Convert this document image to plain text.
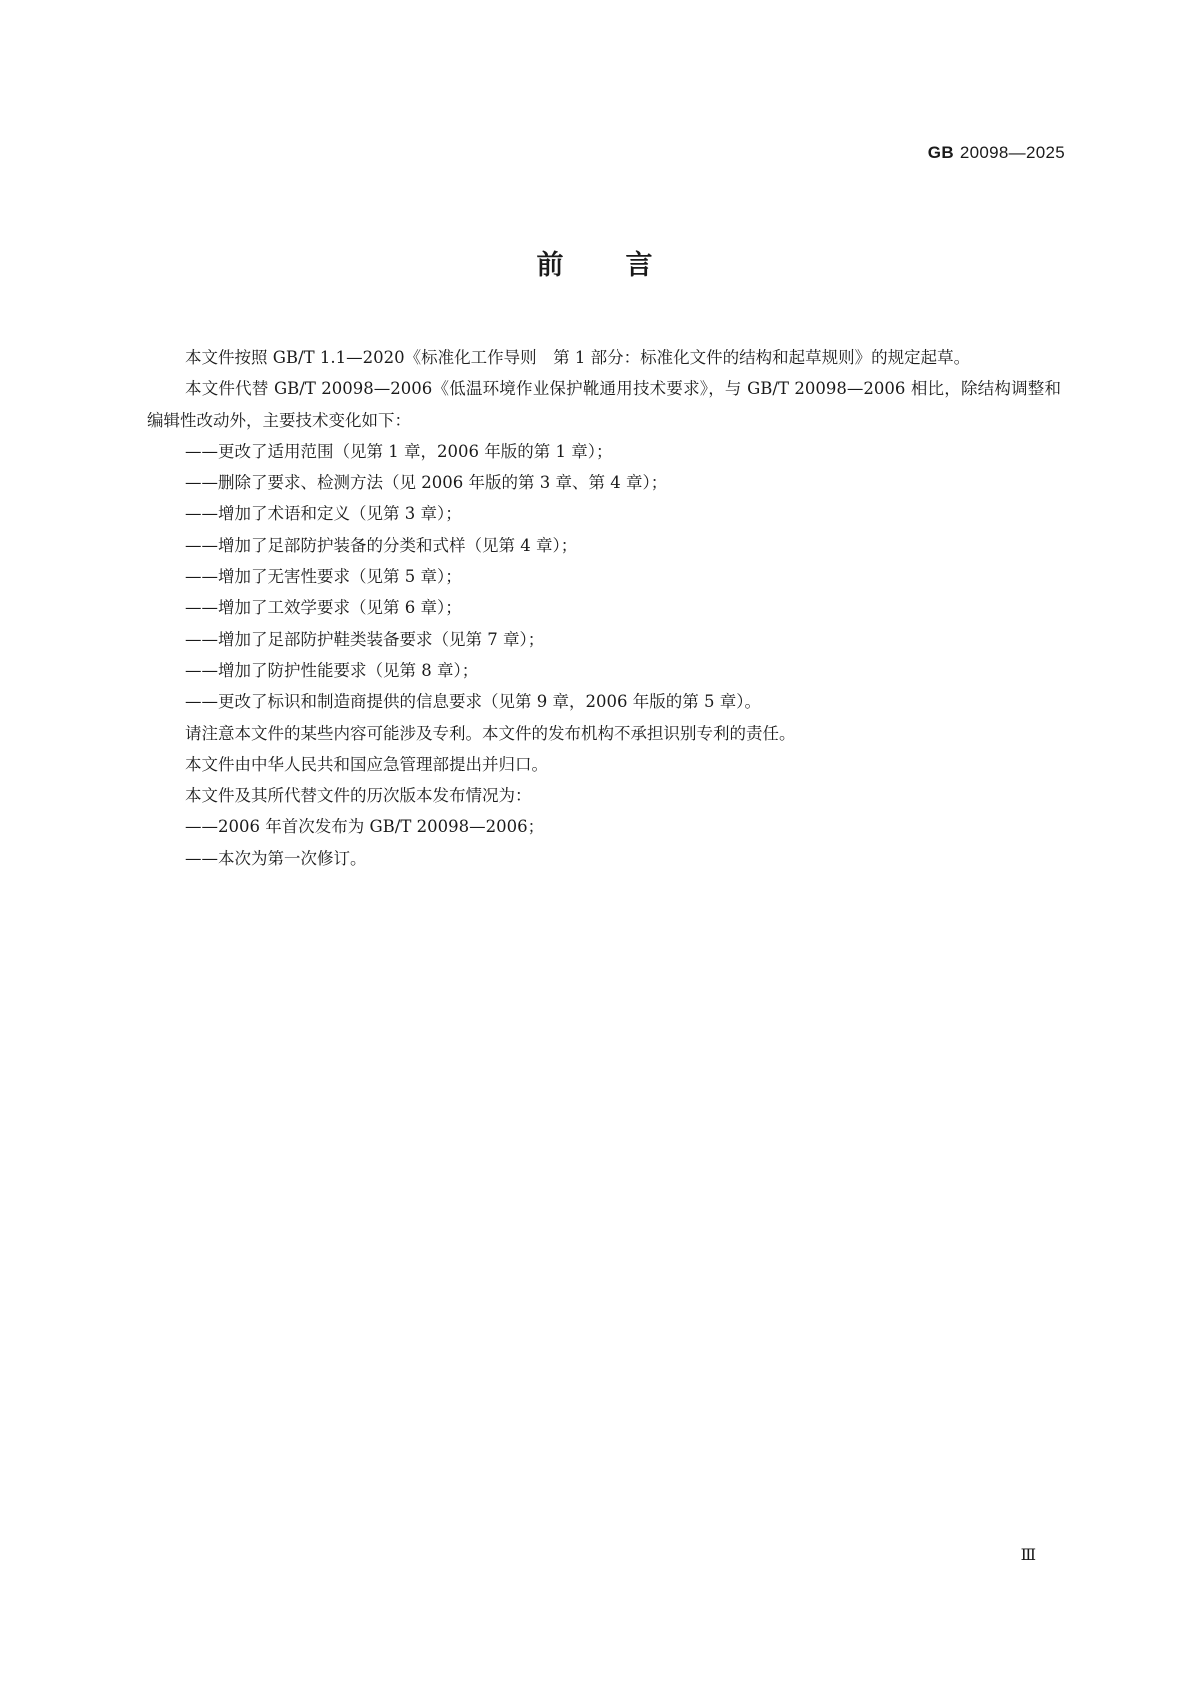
GB 20098—2025
前 言

本文件按照 GB/T 1.1—2020《标准化工作导则　第 1 部分：标准化文件的结构和起草规则》的规定起草。

本文件代替 GB/T 20098—2006《低温环境作业保护靴通用技术要求》，与 GB/T 20098—2006 相比，除结构调整和编辑性改动外，主要技术变化如下：

——更改了适用范围（见第 1 章，2006 年版的第 1 章）；

——删除了要求、检测方法（见 2006 年版的第 3 章、第 4 章）；

——增加了术语和定义（见第 3 章）；

——增加了足部防护装备的分类和式样（见第 4 章）；

——增加了无害性要求（见第 5 章）；

——增加了工效学要求（见第 6 章）；

——增加了足部防护鞋类装备要求（见第 7 章）；

——增加了防护性能要求（见第 8 章）；

——更改了标识和制造商提供的信息要求（见第 9 章，2006 年版的第 5 章）。

请注意本文件的某些内容可能涉及专利。本文件的发布机构不承担识别专利的责任。

本文件由中华人民共和国应急管理部提出并归口。

本文件及其所代替文件的历次版本发布情况为：

——2006 年首次发布为 GB/T 20098—2006；

——本次为第一次修订。

Ⅲ
